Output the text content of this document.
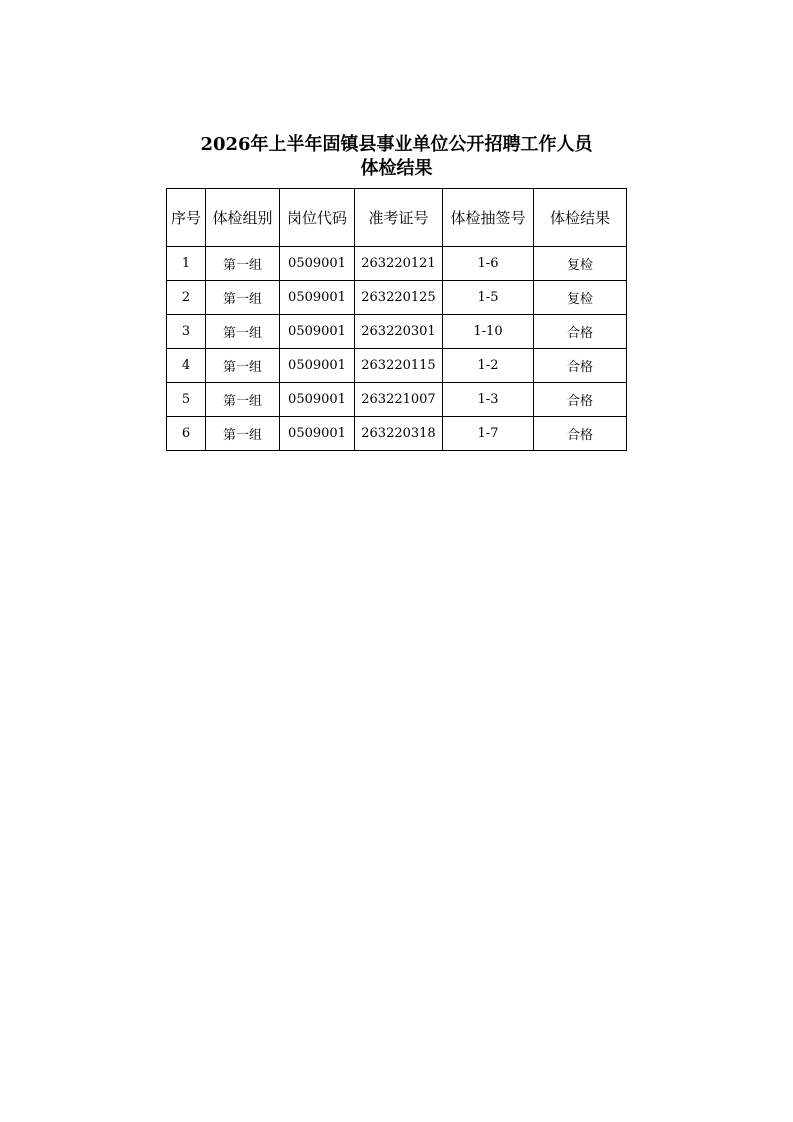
2026年上半年固镇县事业单位公开招聘工作人员
体检结果
序号	体检组别	岗位代码	准考证号	体检抽签号	体检结果
1	第一组	0509001	263220121	1-6	复检
2	第一组	0509001	263220125	1-5	复检
3	第一组	0509001	263220301	1-10	合格
4	第一组	0509001	263220115	1-2	合格
5	第一组	0509001	263221007	1-3	合格
6	第一组	0509001	263220318	1-7	合格
